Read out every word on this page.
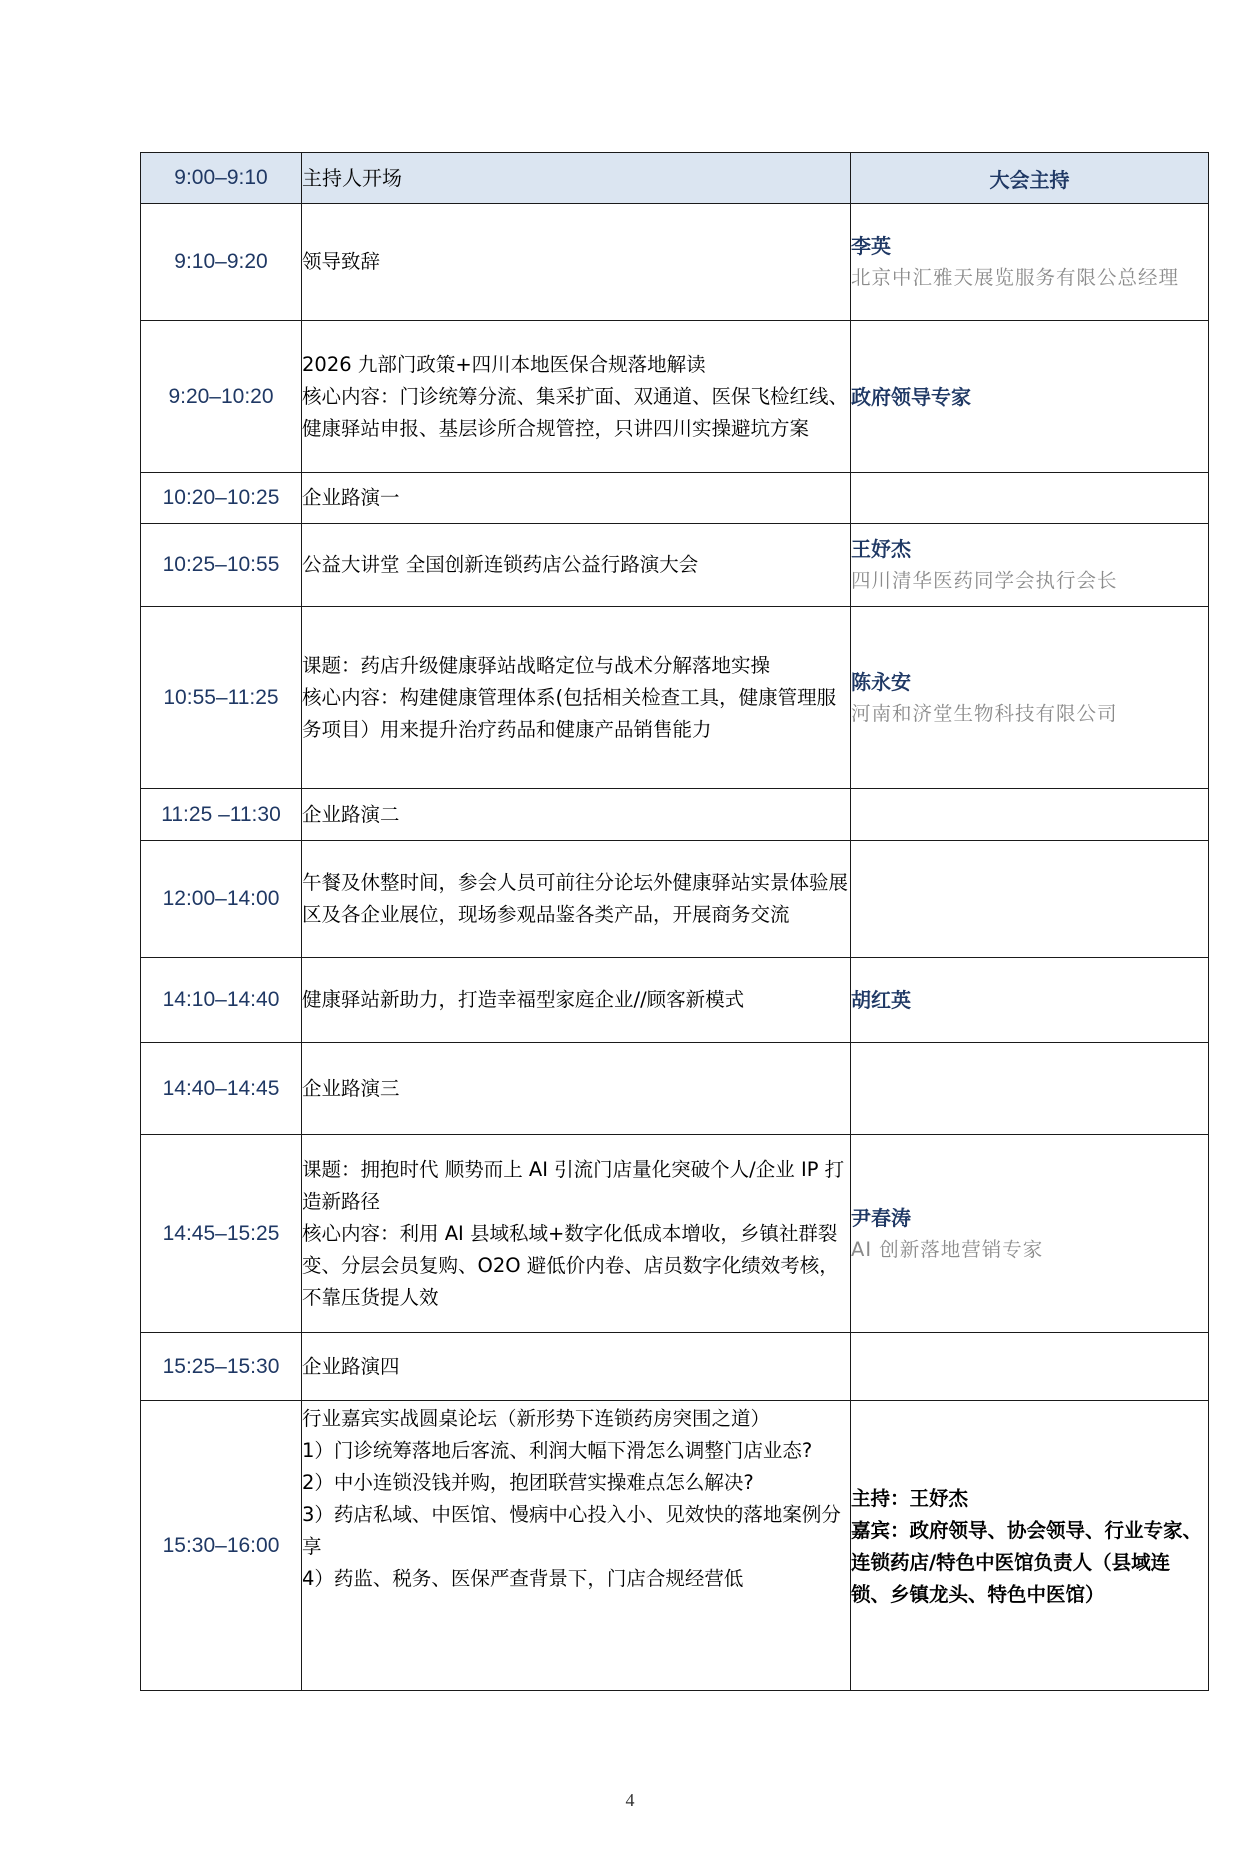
9:00–9:10	主持人开场	大会主持
9:10–9:20	领导致辞	李英
北京中汇雅天展览服务有限公总经理

9:20–10:20	2026 九部门政策+四川本地医保合规落地解读
核心内容：门诊统筹分流、集采扩面、双通道、医保飞检红线、健康驿站申报、基层诊所合规管控，只讲四川实操避坑方案	政府领导专家

10:20–10:25	企业路演一	

10:25–10:55	公益大讲堂 全国创新连锁药店公益行路演大会	王妤杰
四川清华医药同学会执行会长

10:55–11:25	课题：药店升级健康驿站战略定位与战术分解落地实操
核心内容：构建健康管理体系(包括相关检查工具，健康管理服务项目）用来提升治疗药品和健康产品销售能力	陈永安
河南和济堂生物科技有限公司

11:25 –11:30	企业路演二	

12:00–14:00	午餐及休整时间，参会人员可前往分论坛外健康驿站实景体验展区及各企业展位，现场参观品鉴各类产品，开展商务交流	

14:10–14:40	健康驿站新助力，打造幸福型家庭企业//顾客新模式	胡红英

14:40–14:45	企业路演三	

14:45–15:25	课题：拥抱时代 顺势而上 AI 引流门店量化突破个人/企业 IP 打造新路径
核心内容：利用 AI 县域私域+数字化低成本增收，乡镇社群裂变、分层会员复购、O2O 避低价内卷、店员数字化绩效考核，不靠压货提人效	尹春涛
AI 创新落地营销专家

15:25–15:30	企业路演四	

15:30–16:00	行业嘉宾实战圆桌论坛（新形势下连锁药房突围之道）
1）门诊统筹落地后客流、利润大幅下滑怎么调整门店业态?
2）中小连锁没钱并购，抱团联营实操难点怎么解决?
3）药店私域、中医馆、慢病中心投入小、见效快的落地案例分享
4）药监、税务、医保严查背景下，门店合规经营低	主持：王妤杰
嘉宾：政府领导、协会领导、行业专家、连锁药店/特色中医馆负责人（县域连锁、乡镇龙头、特色中医馆）
4
